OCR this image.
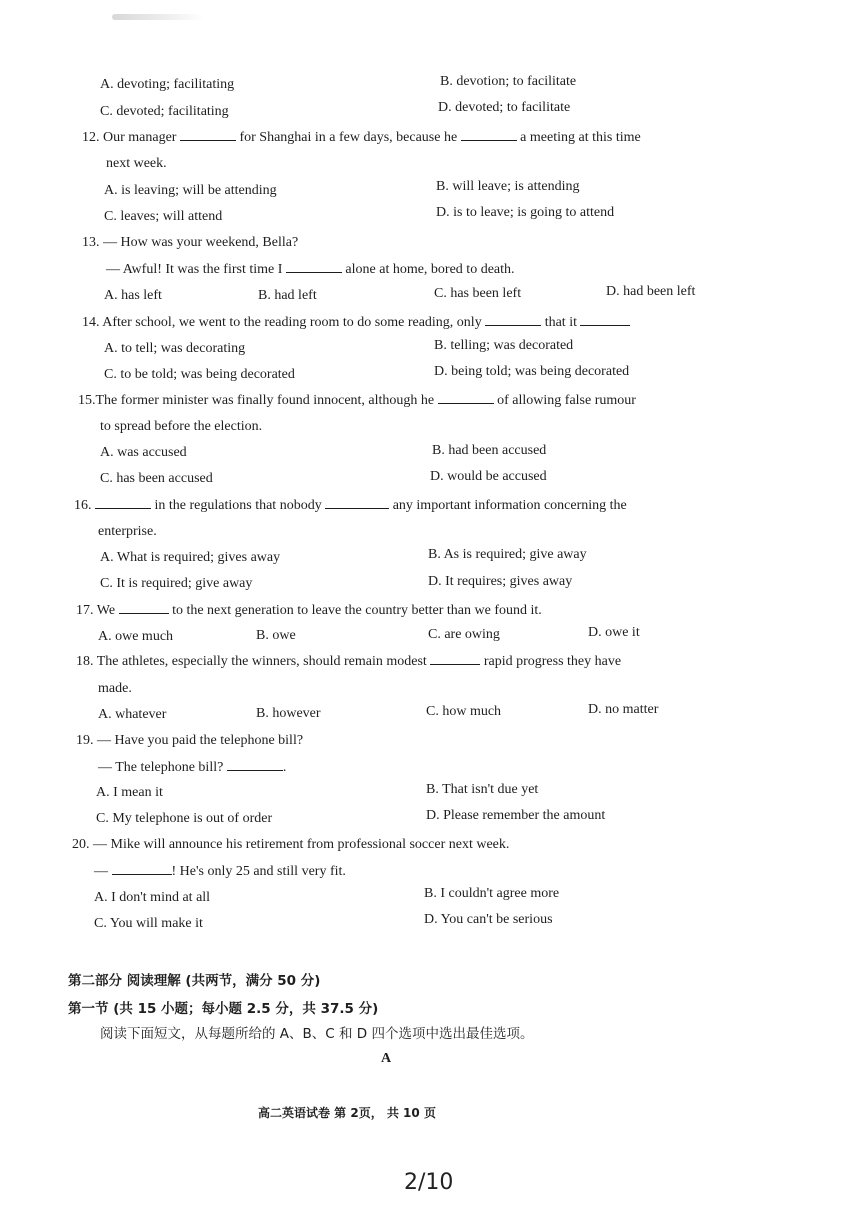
A. devoting; facilitating	B. devotion; to facilitate
C. devoted; facilitating	D. devoted; to facilitate
12. Our manager	for Shanghai in a few days, because he	a meeting at this time
next week.
A. is leaving; will be attending	B. will leave; is attending
C. leaves; will attend	D. is to leave; is going to attend
13. — How was your weekend, Bella?
— Awful! It was the first time I	alone at home, bored to death.
A. has left	B. had left	C. has been left	D. had been left
14. After school, we went to the reading room to do some reading, only	that it
A. to tell; was decorating	B. telling; was decorated
C. to be told; was being decorated	D. being told; was being decorated
15.The former minister was finally found innocent, although he	of allowing false rumour
to spread before the election.
A. was accused	B. had been accused
C. has been accused	D. would be accused
16.	in the regulations that nobody	any important information concerning the
enterprise.
A. What is required; gives away	B. As is required; give away
C. It is required; give away	D. It requires; gives away
17. We	to the next generation to leave the country better than we found it.
A. owe much	B. owe	C. are owing	D. owe it
18. The athletes, especially the winners, should remain modest	rapid progress they have
made.
A. whatever	B. however	C. how much	D. no matter
19. — Have you paid the telephone bill?
— The telephone bill?	.
A. I mean it	B. That isn't due yet
C. My telephone is out of order	D. Please remember the amount
20. — Mike will announce his retirement from professional soccer next week.
—	! He's only 25 and still very fit.
A. I don't mind at all	B. I couldn't agree more
C. You will make it	D. You can't be serious
第二部分 阅读理解 (共两节，满分 50 分)
第一节 (共 15 小题；每小题 2.5 分，共 37.5 分)
阅读下面短文，从每题所给的 A、B、C 和 D 四个选项中选出最佳选项。
A
高二英语试卷 第 2页， 共 10 页
2/10
